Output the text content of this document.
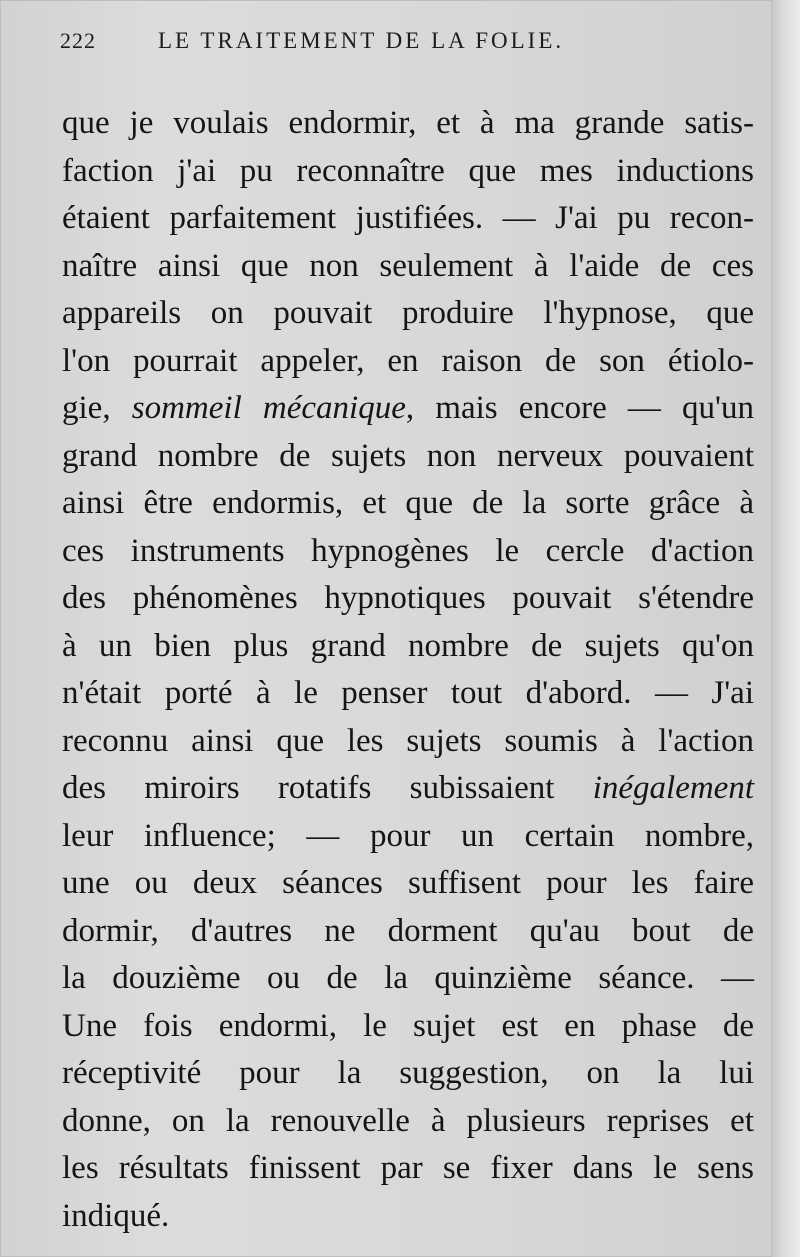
222	LE TRAITEMENT DE LA FOLIE.
que je voulais endormir, et à ma grande satis-
faction j'ai pu reconnaître que mes inductions
étaient parfaitement justifiées. — J'ai pu recon-
naître ainsi que non seulement à l'aide de ces
appareils on pouvait produire l'hypnose, que
l'on pourrait appeler, en raison de son étiolo-
gie, sommeil mécanique, mais encore — qu'un
grand nombre de sujets non nerveux pouvaient
ainsi être endormis, et que de la sorte grâce à
ces instruments hypnogènes le cercle d'action
des phénomènes hypnotiques pouvait s'étendre
à un bien plus grand nombre de sujets qu'on
n'était porté à le penser tout d'abord. — J'ai
reconnu ainsi que les sujets soumis à l'action
des miroirs rotatifs subissaient inégalement
leur influence; — pour un certain nombre,
une ou deux séances suffisent pour les faire
dormir, d'autres ne dorment qu'au bout de
la douzième ou de la quinzième séance. —
Une fois endormi, le sujet est en phase de
réceptivité pour la suggestion, on la lui
donne, on la renouvelle à plusieurs reprises et
les résultats finissent par se fixer dans le sens
indiqué.
